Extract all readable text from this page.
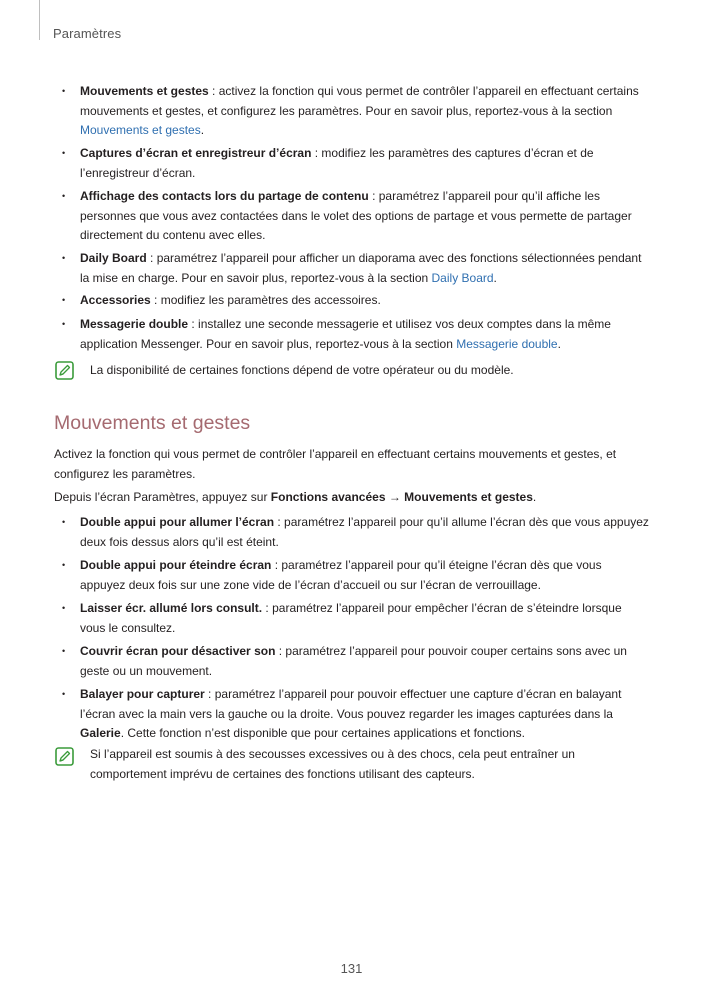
Paramètres
• Mouvements et gestes : activez la fonction qui vous permet de contrôler l’appareil en effectuant certains mouvements et gestes, et configurez les paramètres. Pour en savoir plus, reportez-vous à la section Mouvements et gestes.
• Captures d’écran et enregistreur d’écran : modifiez les paramètres des captures d’écran et de l’enregistreur d’écran.
• Affichage des contacts lors du partage de contenu : paramétrez l’appareil pour qu’il affiche les personnes que vous avez contactées dans le volet des options de partage et vous permette de partager directement du contenu avec elles.
• Daily Board : paramétrez l’appareil pour afficher un diaporama avec des fonctions sélectionnées pendant la mise en charge. Pour en savoir plus, reportez-vous à la section Daily Board.
• Accessories : modifiez les paramètres des accessoires.
• Messagerie double : installez une seconde messagerie et utilisez vos deux comptes dans la même application Messenger. Pour en savoir plus, reportez-vous à la section Messagerie double.
La disponibilité de certaines fonctions dépend de votre opérateur ou du modèle.
Mouvements et gestes

Activez la fonction qui vous permet de contrôler l’appareil en effectuant certains mouvements et gestes, et configurez les paramètres.

Depuis l’écran Paramètres, appuyez sur Fonctions avancées → Mouvements et gestes.

• Double appui pour allumer l’écran : paramétrez l’appareil pour qu’il allume l’écran dès que vous appuyez deux fois dessus alors qu’il est éteint.
• Double appui pour éteindre écran : paramétrez l’appareil pour qu’il éteigne l’écran dès que vous appuyez deux fois sur une zone vide de l’écran d’accueil ou sur l’écran de verrouillage.
• Laisser écr. allumé lors consult. : paramétrez l’appareil pour empêcher l’écran de s’éteindre lorsque vous le consultez.
• Couvrir écran pour désactiver son : paramétrez l’appareil pour pouvoir couper certains sons avec un geste ou un mouvement.
• Balayer pour capturer : paramétrez l’appareil pour pouvoir effectuer une capture d’écran en balayant l’écran avec la main vers la gauche ou la droite. Vous pouvez regarder les images capturées dans la Galerie. Cette fonction n’est disponible que pour certaines applications et fonctions.
Si l’appareil est soumis à des secousses excessives ou à des chocs, cela peut entraîner un comportement imprévu de certaines des fonctions utilisant des capteurs.
131
